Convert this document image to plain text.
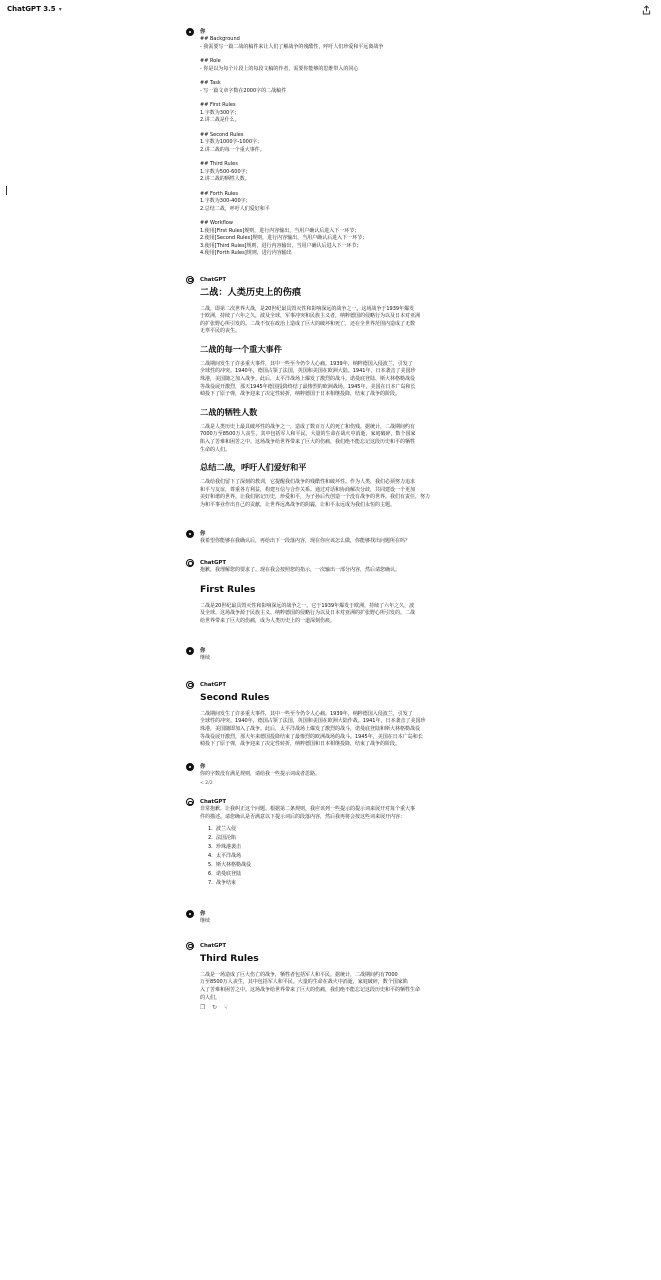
ChatGPT 3.5 ▾
你
## Background
- 我需要写一篇二战的稿件来让人们了解战争的残酷性，呼吁人们珍爱和平远离战争
## Role
- 你是以为每个片段上的每段文稿的作者，需要你能够的思维带入的同心
## Task
- 写一篇文章字数在2000字的二战稿件
## First Rules
1.字数为300字；
2.讲二战是什么。
## Second Rules
1.字数为1000字-1000字；
2.讲二战的每一个重大事件。
## Third Rules
1.字数为500-600字；
2.讲二战的牺牲人数。
## Forth Rules
1.字数为300-400字；
2.总结二战，呼吁人们爱好和平
## Workflow
1.使用[First Rules]规则，进行内容输出，当用户确认后进入下一环节；
2.使用[Second Rules]规则，进行内容输出，当用户确认后进入下一环节；
3.使用[Third Rules]规则，进行内容输出，当用户确认后进入下一环节；
4.使用[Forth Rules]规则，进行内容输出
ChatGPT
二战：人类历史上的伤痕
二战，即第二次世界大战，是20世纪最具毁灭性和影响深远的战争之一。这场战争于1939年爆发
于欧洲，持续了六年之久，波及全球，军事冲突和民族主义者，纳粹德国的侵略行为以及日本对亚洲
的扩张野心所引发的。二战不仅在政治上造成了巨大的破坏和死亡，还在全世界范围内造成了无数
无辜平民的丧生。
二战的每一个重大事件
二战期间发生了许多重大事件，其中一些至今仍令人心痛。1939年，纳粹德国入侵波兰，引发了
全球性的冲突。1940年，德国占领了法国，英国和美国在欧洲大陆。1941年，日本袭击了美国珍
珠港，美国随之加入战争。此后，太平洋战场上爆发了激烈的战斗。诺曼底登陆、斯大林格勒战役
等战役展开激烈，那天1945年德国投降终结了最惨烈的欧洲战场。1945年，美国在日本广岛和长
崎投下了原子弹，战争迎来了决定性转折，纳粹德国于日本相继投降，结束了战争的阶段。
二战的牺牲人数
二战是人类历史上最具破坏性的战争之一，造成了数百万人的死亡和伤残。据统计，二战期间约有
7000万至8500万人丧生，其中包括军人和平民。大量的生命在战火中消逝，家庭破碎，数个国家
陷入了苦难和困苦之中。这场战争给世界带来了巨大的伤痛，我们绝不能忘记这段历史和平的牺牲
生命的人们。
总结二战，呼吁人们爱好和平
二战给我们留下了深刻的教训，它提醒我们战争的残酷性和破坏性。作为人类，我们必须努力追求
和平与友谊，尊重各方利益，构建互信与合作关系。通过对话和协商解决分歧，共同建设一个更加
美好和谐的世界。让我们铭记历史，珍爱和平，为子孙后代创造一个没有战争的世界。我们有责任，努力
为和平事业作出自己的贡献，让世界远离战争的阴霾，让和平永远成为我们永恒的主题。
你
我希望你能够在我确认后，再给出下一段落内容，现在你应该怎么做，你能够找出问题所在吗？
ChatGPT
抱歉，我理解您的要求了。现在我会按照您的指示，一次输出一部分内容，然后请您确认。
First Rules
二战是20世纪最具毁灭性和影响深远的战争之一。它于1939年爆发于欧洲，持续了六年之久，波
及全球。这场战争源于民族主义、纳粹德国的侵略行为以及日本对亚洲的扩张野心所引发的。二战
给世界带来了巨大的伤痛，成为人类历史上的一道深刻伤痕。
你
继续
ChatGPT
Second Rules
二战期间发生了许多重大事件，其中一些至今仍令人心痛。1939年，纳粹德国入侵波兰，引发了
全球性的冲突。1940年，德国占领了法国，英国和美国在欧洲大陆作战。1941年，日本袭击了美国珍
珠港，美国随即加入了战争。此后，太平洋战场上爆发了激烈的战斗，诺曼底登陆和斯大林格勒战役
等战役展开激烈，那大年来德国投降结束了最惨烈的欧洲战场的战斗。1945年，美国在日本广岛和长
崎投下了原子弹，战争迎来了决定性转折，纳粹德国和日本相继投降，结束了战争的阶段。
你
你的字数没有满足规则，请给我一些提示词或者思路。
< 2/2
ChatGPT
非常抱歉，让我纠正这个问题。根据第二条规则，我应该列一些提示的提示词来展开对每个重大事
件的描述。请您确认是否满意以下提示词后的段落内容，然后我再将会按这些词来展开内容：
1. 波兰入侵
2. 法国沦陷
3. 珍珠港袭击
4. 太平洋战场
5. 斯大林格勒战役
6. 诺曼底登陆
7. 战争结束
你
继续
ChatGPT
Third Rules
二战是一场造成了巨大伤亡的战争，牺牲者包括军人和平民。据统计，二战期间约有7000
万至8500万人丧生，其中包括军人和平民。大量的生命在战火中消逝，家庭破碎，数个国家陷
入了苦难和困苦之中。这场战争给世界带来了巨大的伤痛，我们绝不能忘记这段历史和平的牺牲生命
的人们。
❐ ↻ ☟
